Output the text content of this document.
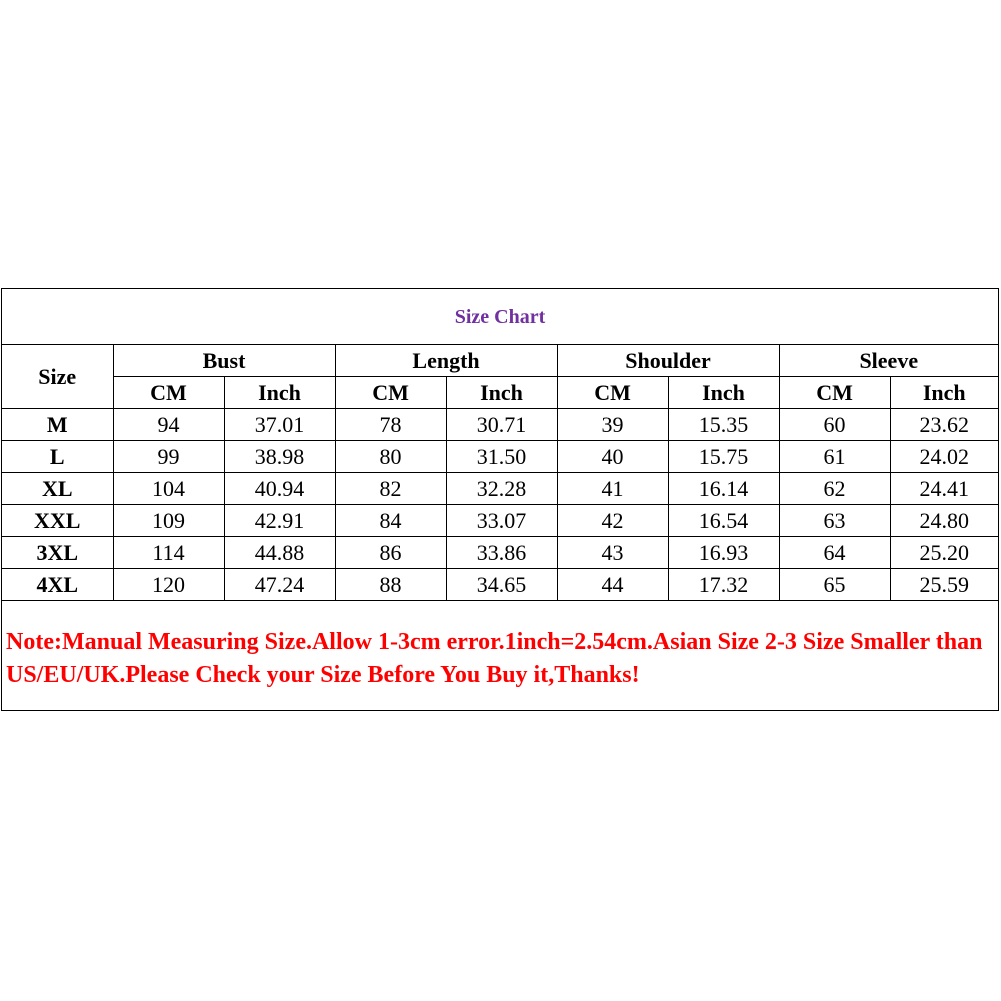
Size Chart
Size	Bust		Length		Shoulder		Sleeve	
	CM	Inch	CM	Inch	CM	Inch	CM	Inch
M	94	37.01	78	30.71	39	15.35	60	23.62
L	99	38.98	80	31.50	40	15.75	61	24.02
XL	104	40.94	82	32.28	41	16.14	62	24.41
XXL	109	42.91	84	33.07	42	16.54	63	24.80
3XL	114	44.88	86	33.86	43	16.93	64	25.20
4XL	120	47.24	88	34.65	44	17.32	65	25.59
Note:Manual Measuring Size.Allow 1-3cm error.1inch=2.54cm.Asian Size 2-3 Size Smaller than US/EU/UK.Please Check your Size Before You Buy it,Thanks!
